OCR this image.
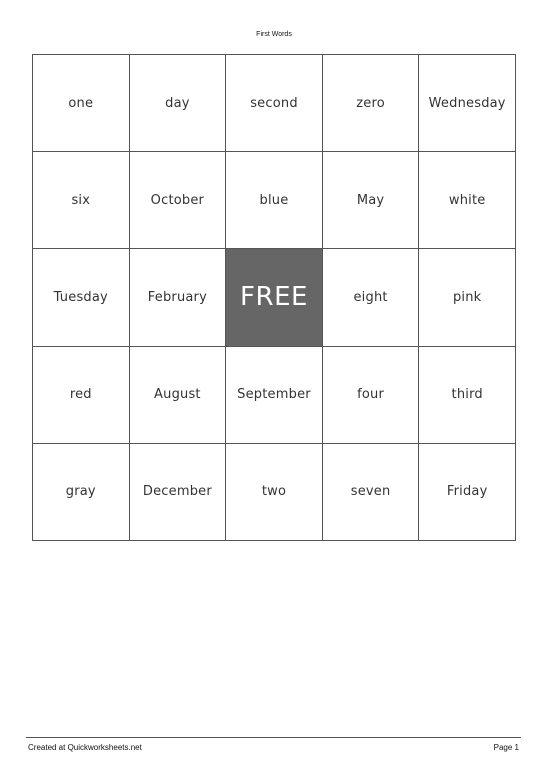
First Words
one	day	second	zero	Wednesday
six	October	blue	May	white
Tuesday	February	FREE	eight	pink
red	August	September	four	third
gray	December	two	seven	Friday
Created at Quickworksheets.net	Page 1
